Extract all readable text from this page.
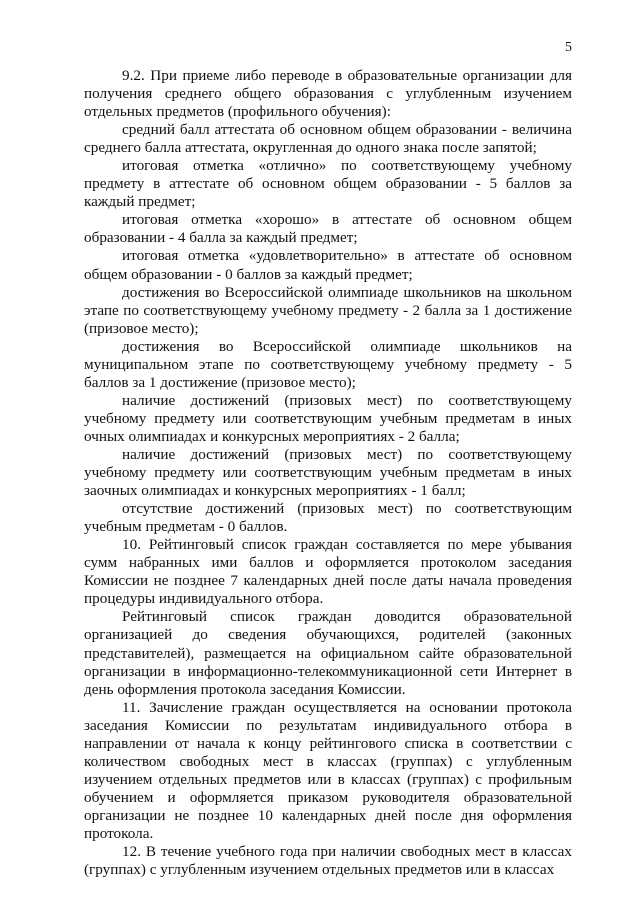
5

9.2. При приеме либо переводе в образовательные организации для получения среднего общего образования с углубленным изучением отдельных предметов (профильного обучения):

средний балл аттестата об основном общем образовании - величина среднего балла аттестата, округленная до одного знака после запятой;

итоговая отметка «отлично» по соответствующему учебному предмету в аттестате об основном общем образовании - 5 баллов за каждый предмет;

итоговая отметка «хорошо» в аттестате об основном общем образовании - 4 балла за каждый предмет;

итоговая отметка «удовлетворительно» в аттестате об основном общем образовании - 0 баллов за каждый предмет;

достижения во Всероссийской олимпиаде школьников на школьном этапе по соответствующему учебному предмету - 2 балла за 1 достижение (призовое место);

достижения во Всероссийской олимпиаде школьников на муниципальном этапе по соответствующему учебному предмету - 5 баллов за 1 достижение (призовое место);

наличие достижений (призовых мест) по соответствующему учебному предмету или соответствующим учебным предметам в иных очных олимпиадах и конкурсных мероприятиях - 2 балла;

наличие достижений (призовых мест) по соответствующему учебному предмету или соответствующим учебным предметам в иных заочных олимпиадах и конкурсных мероприятиях - 1 балл;

отсутствие достижений (призовых мест) по соответствующим учебным предметам - 0 баллов.

10. Рейтинговый список граждан составляется по мере убывания сумм набранных ими баллов и оформляется протоколом заседания Комиссии не позднее 7 календарных дней после даты начала проведения процедуры индивидуального отбора.

Рейтинговый список граждан доводится образовательной организацией до сведения обучающихся, родителей (законных представителей), размещается на официальном сайте образовательной организации в информационно-телекоммуникационной сети Интернет в день оформления протокола заседания Комиссии.

11. Зачисление граждан осуществляется на основании протокола заседания Комиссии по результатам индивидуального отбора в направлении от начала к концу рейтингового списка в соответствии с количеством свободных мест в классах (группах) с углубленным изучением отдельных предметов или в классах (группах) с профильным обучением и оформляется приказом руководителя образовательной организации не позднее 10 календарных дней после дня оформления протокола.

12. В течение учебного года при наличии свободных мест в классах (группах) с углубленным изучением отдельных предметов или в классах
